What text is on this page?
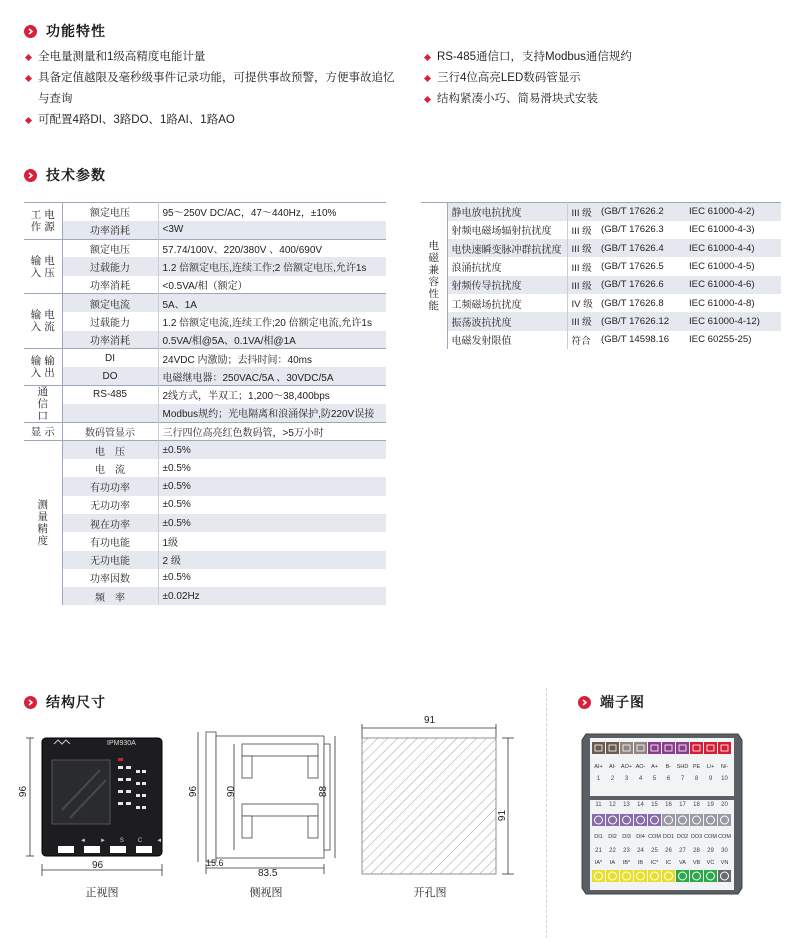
功能特性
全电量测量和1级高精度电能计量
具备定值越限及毫秒级事件记录功能，可提供事故预警，方便事故追忆与查询
可配置4路DI、3路DO、1路AI、1路AO
RS-485通信口，支持Modbus通信规约
三行4位高亮LED数码管显示
结构紧凑小巧、简易滑块式安装
技术参数
工 电
作 源	额定电压	95～250V DC/AC，47～440Hz，±10%
	功率消耗	<3W
输 电
入 压	额定电压	57.74/100V、220/380V 、400/690V
	过载能力	1.2 倍额定电压,连续工作;2 倍额定电压,允许1s
	功率消耗	<0.5VA/相（额定）
输 电
入 流	额定电流	5A、1A
	过载能力	1.2 倍额定电流,连续工作;20 倍额定电流,允许1s
	功率消耗	0.5VA/相@5A、0.1VA/相@1A
输 输
入 出	DI	24VDC 内激励；去抖时间：40ms
	DO	电磁继电器：250VAC/5A 、30VDC/5A
通
信
口	RS-485	2线方式，半双工；1,200～38,400bps
		Modbus规约；光电隔离和浪涌保护,防220V误接
显 示	数码管显示	三行四位高亮红色数码管，>5万小时
测
量
精
度	电　压	±0.5%
	电　流	±0.5%
	有功功率	±0.5%
	无功功率	±0.5%
	视在功率	±0.5%
	有功电能	1级
	无功电能	2 级
	功率因数	±0.5%
	频　率	±0.02Hz
电磁兼容性能	静电放电抗扰度	III 级	(GB/T 17626.2	IEC 61000-4-2)
	射频电磁场辐射抗扰度	III 级	(GB/T 17626.3	IEC 61000-4-3)
	电快速瞬变脉冲群抗扰度	III 级	(GB/T 17626.4	IEC 61000-4-4)
	浪涌抗扰度	III 级	(GB/T 17626.5	IEC 61000-4-5)
	射频传导抗扰度	III 级	(GB/T 17626.6	IEC 61000-4-6)
	工频磁场抗扰度	IV 级	(GB/T 17626.8	IEC 61000-4-8)
	振荡波抗扰度	III 级	(GB/T 17626.12	IEC 61000-4-12)
	电磁发射限值	符合	(GB/T 14598.16	IEC 60255-25)
结构尺寸
IPM930A
◄►SC◄
96
96
正视图
96	90	88
15.6
83.5
侧视图
91
91
开孔图
端子图
AI+
1
AI-
2
AO+
3
AO-
4
A+
5
B-
6
SHD
7
PE
8
L/+
9
N/-
10
DI1
11
DI2
12
DI3
13
DI4
14
COM
15
DO1
16
DO2
17
DO3
18
COM
19
COM
20
IA*
21
IA
22
IB*
23
IB
24
IC*
25
IC
26
VA
27
VB
28
VC
29
VN
30
